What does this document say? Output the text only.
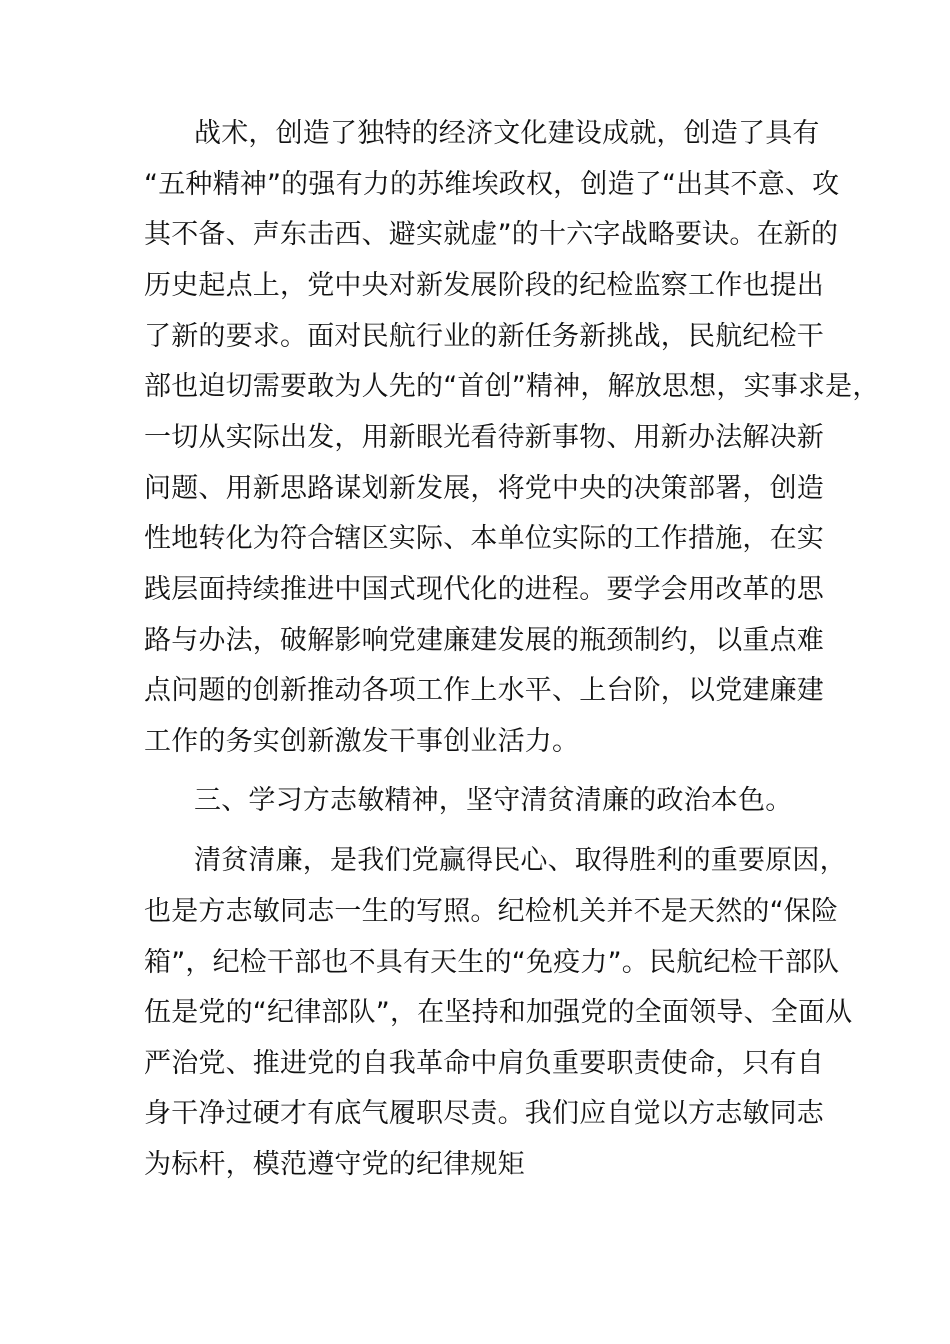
战术，创造了独特的经济文化建设成就，创造了具有
“五种精神”的强有力的苏维埃政权，创造了“出其不意、攻
其不备、声东击西、避实就虚”的十六字战略要诀。在新的
历史起点上，党中央对新发展阶段的纪检监察工作也提出
了新的要求。面对民航行业的新任务新挑战，民航纪检干
部也迫切需要敢为人先的“首创”精神，解放思想，实事求是，
一切从实际出发，用新眼光看待新事物、用新办法解决新
问题、用新思路谋划新发展，将党中央的决策部署，创造
性地转化为符合辖区实际、本单位实际的工作措施，在实
践层面持续推进中国式现代化的进程。要学会用改革的思
路与办法，破解影响党建廉建发展的瓶颈制约，以重点难
点问题的创新推动各项工作上水平、上台阶，以党建廉建
工作的务实创新激发干事创业活力。
三、学习方志敏精神，坚守清贫清廉的政治本色。
清贫清廉，是我们党赢得民心、取得胜利的重要原因，
也是方志敏同志一生的写照。纪检机关并不是天然的“保险
箱”，纪检干部也不具有天生的“免疫力”。民航纪检干部队
伍是党的“纪律部队”，在坚持和加强党的全面领导、全面从
严治党、推进党的自我革命中肩负重要职责使命，只有自
身干净过硬才有底气履职尽责。我们应自觉以方志敏同志
为标杆，模范遵守党的纪律规矩
